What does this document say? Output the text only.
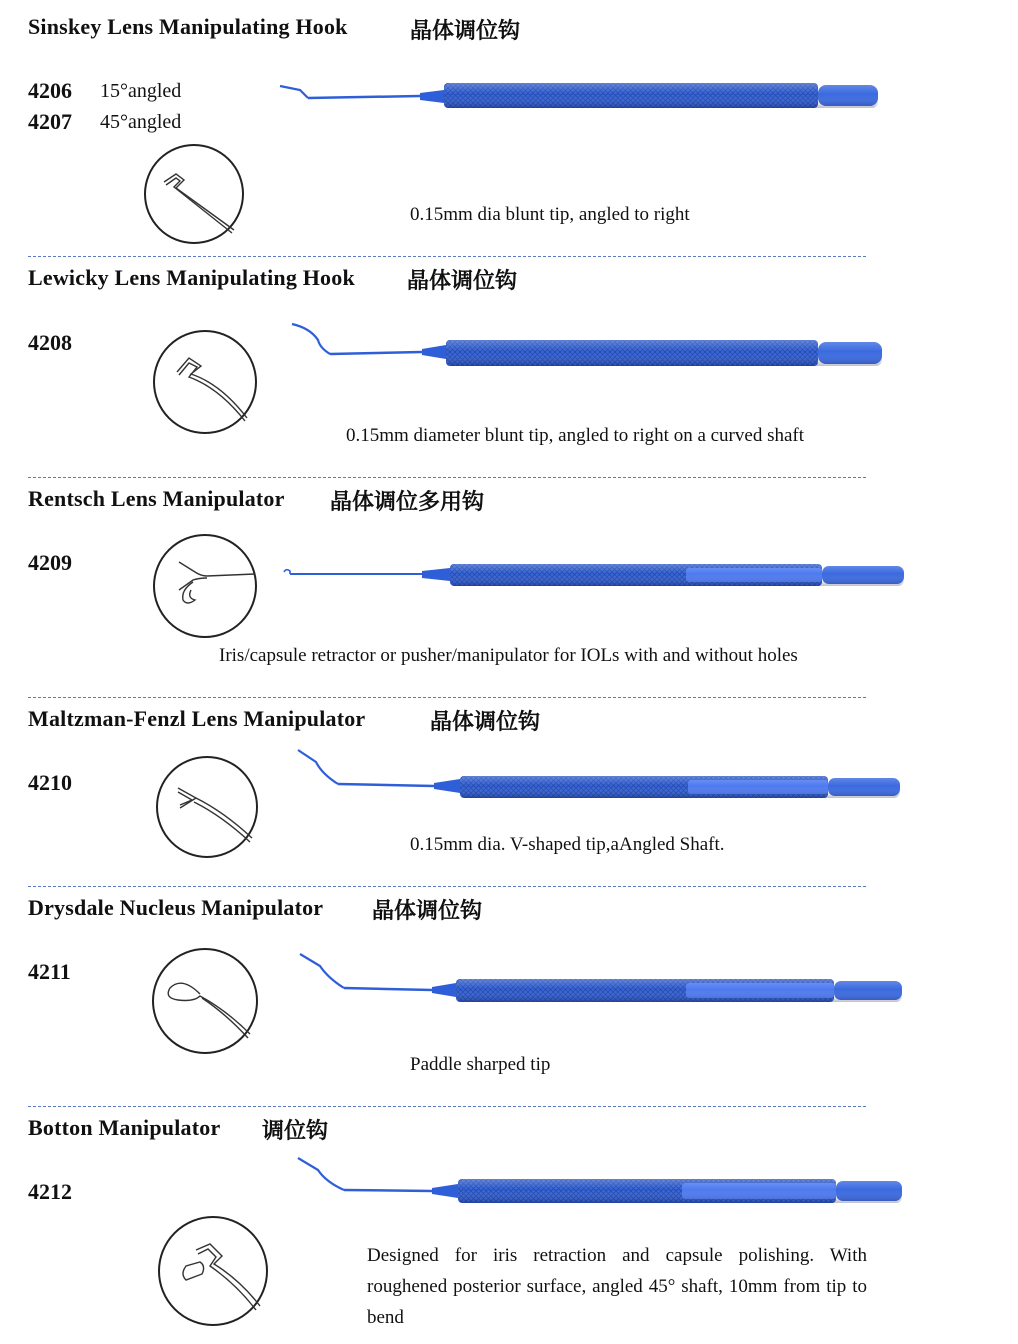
Sinskey Lens Manipulating Hook	晶体调位钩
4206 15°angled
4207 45°angled
0.15mm dia blunt tip, angled to right
Lewicky Lens Manipulating Hook 晶体调位钩
4208
0.15mm diameter blunt tip, angled to right on a curved shaft
Rentsch Lens Manipulator 晶体调位多用钩
4209
Iris/capsule retractor or pusher/manipulator for IOLs with and without holes
Maltzman-Fenzl Lens Manipulator	晶体调位钩
4210
0.15mm dia. V-shaped tip,aAngled Shaft.
Drysdale Nucleus Manipulator 晶体调位钩
4211
Paddle sharped tip
Botton Manipulator 调位钩
4212
Designed for iris retraction and capsule polishing. With roughened posterior surface, angled 45° shaft, 10mm from tip to bend
